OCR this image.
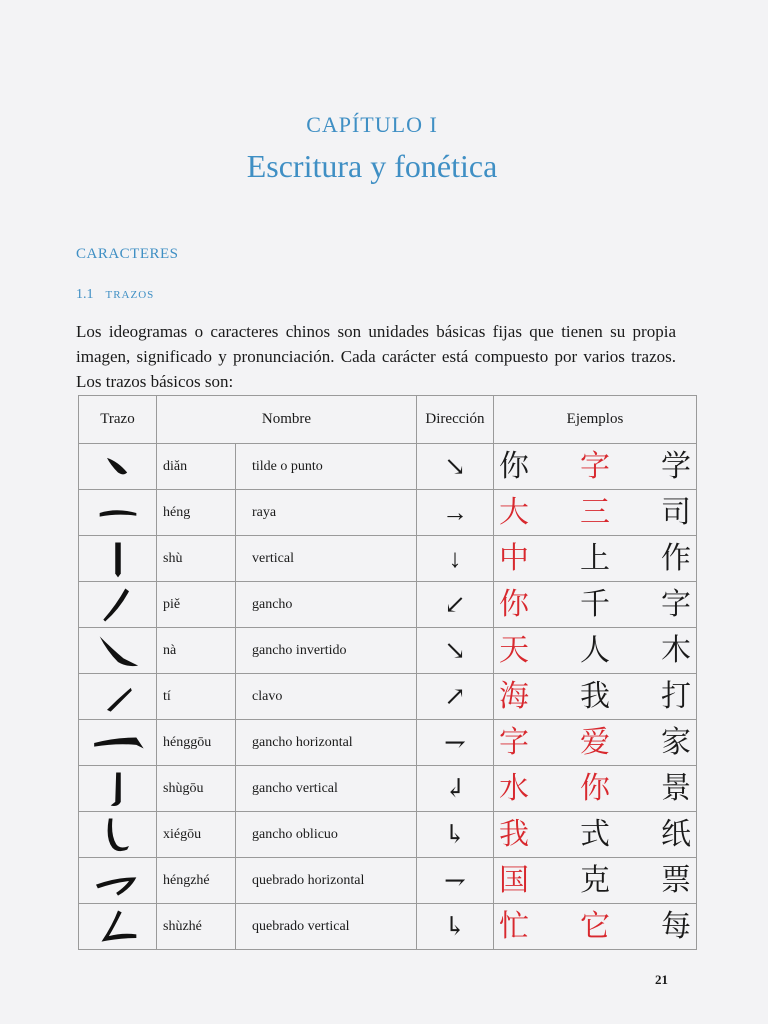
CAPÍTULO I
Escritura y fonética
CARACTERES
1.1 TRAZOS
Los ideogramas o caracteres chinos son unidades básicas fijas que tienen su propia imagen, significado y pronunciación. Cada carácter está compuesto por varios trazos. Los trazos básicos son:
Trazo	Nombre		Dirección	Ejemplos

	diǎn	tilde o punto	↘	你 字 学

	héng	raya	→	大 三 司

	shù	vertical	↓	中 上 作

	piě	gancho	↙	你 千 字

	nà	gancho invertido	↘	天 人 木

	tí	clavo	↗	海 我 打

	hénggōu	gancho horizontal	⇁	字 爱 家

	shùgōu	gancho vertical	↲	水 你 景

	xiégōu	gancho oblicuo	↳	我 式 纸

	héngzhé	quebrado horizontal	⇁	国 克 票

	shùzhé	quebrado vertical	↳	忙 它 每
21
